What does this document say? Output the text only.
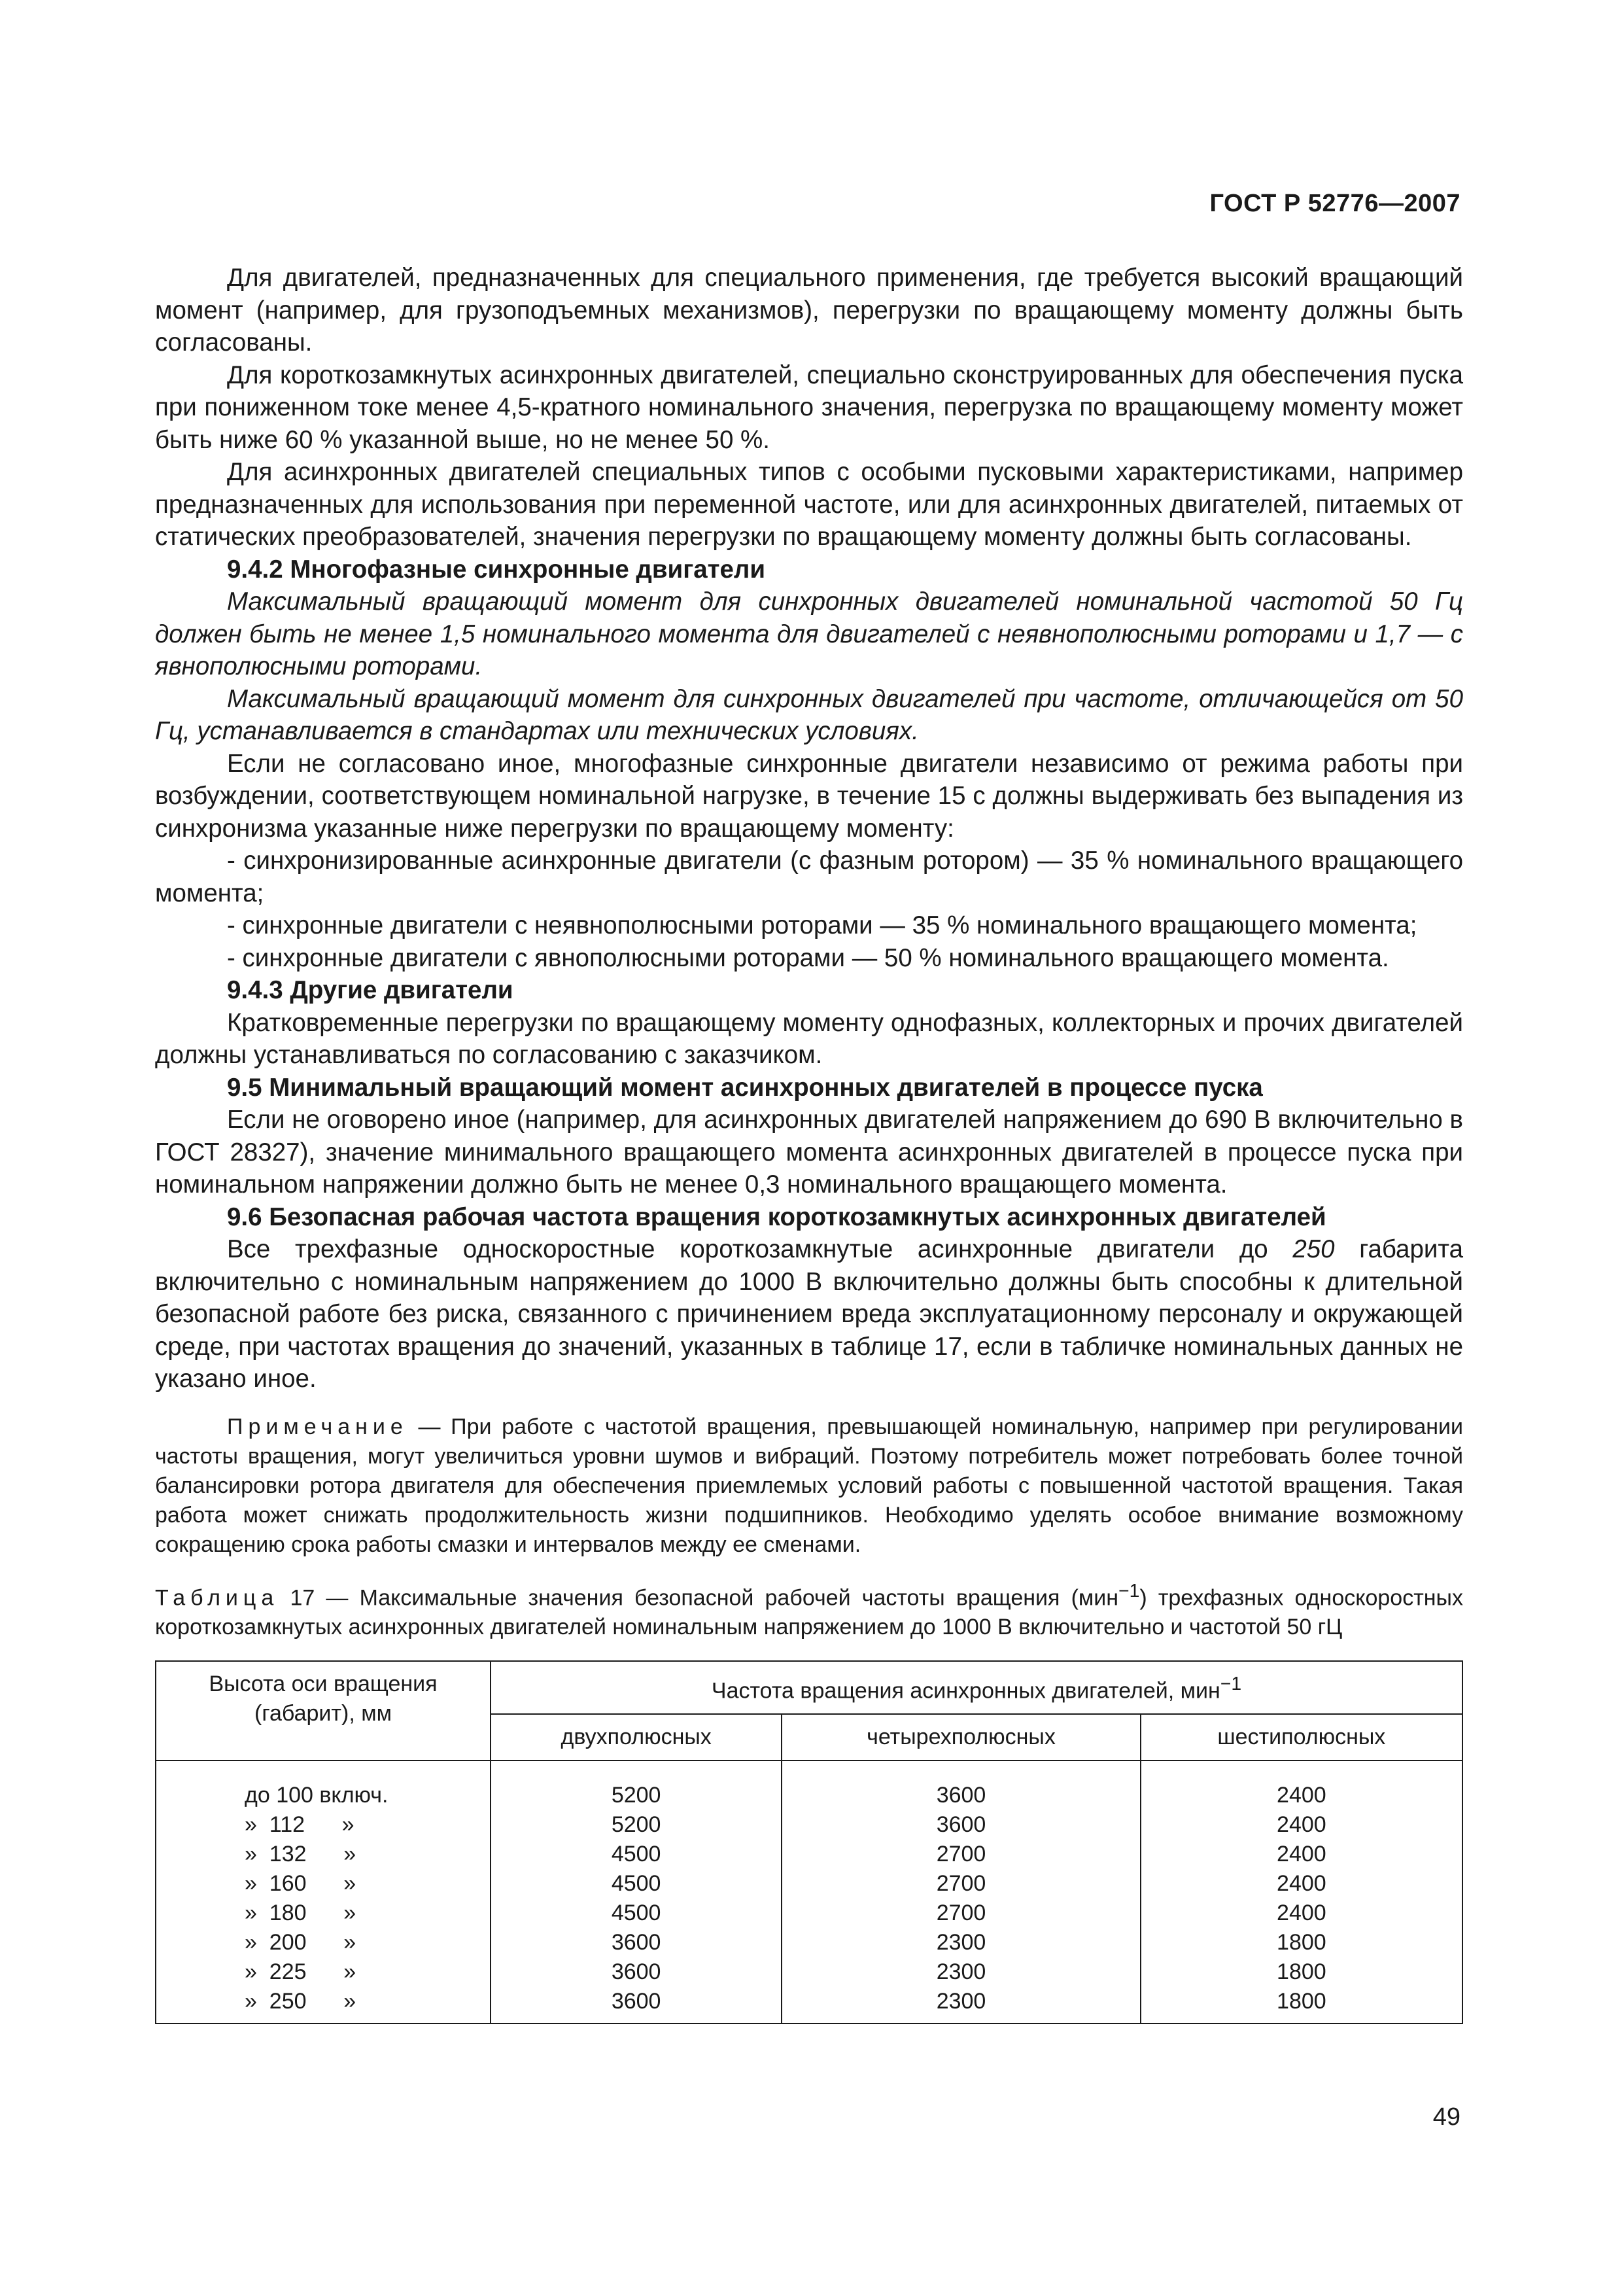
ГОСТ Р 52776—2007

Для двигателей, предназначенных для специального применения, где требуется высокий вращающий момент (например, для грузоподъемных механизмов), перегрузки по вращающему моменту должны быть согласованы.

Для короткозамкнутых асинхронных двигателей, специально сконструированных для обеспечения пуска при пониженном токе менее 4,5-кратного номинального значения, перегрузка по вращающему моменту может быть ниже 60 % указанной выше, но не менее 50 %.

Для асинхронных двигателей специальных типов с особыми пусковыми характеристиками, например предназначенных для использования при переменной частоте, или для асинхронных двигателей, питаемых от статических преобразователей, значения перегрузки по вращающему моменту должны быть согласованы.

9.4.2 Многофазные синхронные двигатели

Максимальный вращающий момент для синхронных двигателей номинальной частотой 50 Гц должен быть не менее 1,5 номинального момента для двигателей с неявнополюсными роторами и 1,7 — с явнополюсными роторами.

Максимальный вращающий момент для синхронных двигателей при частоте, отличающейся от 50 Гц, устанавливается в стандартах или технических условиях.

Если не согласовано иное, многофазные синхронные двигатели независимо от режима работы при возбуждении, соответствующем номинальной нагрузке, в течение 15 с должны выдерживать без выпадения из синхронизма указанные ниже перегрузки по вращающему моменту:

- синхронизированные асинхронные двигатели (с фазным ротором) — 35 % номинального вращающего момента;

- синхронные двигатели с неявнополюсными роторами — 35 % номинального вращающего момента;

- синхронные двигатели с явнополюсными роторами — 50 % номинального вращающего момента.

9.4.3 Другие двигатели

Кратковременные перегрузки по вращающему моменту однофазных, коллекторных и прочих двигателей должны устанавливаться по согласованию с заказчиком.

9.5 Минимальный вращающий момент асинхронных двигателей в процессе пуска

Если не оговорено иное (например, для асинхронных двигателей напряжением до 690 В включительно в ГОСТ 28327), значение минимального вращающего момента асинхронных двигателей в процессе пуска при номинальном напряжении должно быть не менее 0,3 номинального вращающего момента.

9.6 Безопасная рабочая частота вращения короткозамкнутых асинхронных двигателей

Все трехфазные односкоростные короткозамкнутые асинхронные двигатели до 250 габарита включительно с номинальным напряжением до 1000 В включительно должны быть способны к длительной безопасной работе без риска, связанного с причинением вреда эксплуатационному персоналу и окружающей среде, при частотах вращения до значений, указанных в таблице 17, если в табличке номинальных данных не указано иное.

Примечание — При работе с частотой вращения, превышающей номинальную, например при регулировании частоты вращения, могут увеличиться уровни шумов и вибраций. Поэтому потребитель может потребовать более точной балансировки ротора двигателя для обеспечения приемлемых условий работы с повышенной частотой вращения. Такая работа может снижать продолжительность жизни подшипников. Необходимо уделять особое внимание возможному сокращению срока работы смазки и интервалов между ее сменами.

Таблица 17 — Максимальные значения безопасной рабочей частоты вращения (мин$^{-1}$) трехфазных односкоростных короткозамкнутых асинхронных двигателей номинальным напряжением до 1000 В включительно и частотой 50 гЦ

Высота оси вращения (габарит), мм	Частота вращения асинхронных двигателей, мин$^{-1}$
	двухполюсных	четырехполюсных	шестиполюсных
до 100 включ.	5200	3600	2400
»  112      »	5200	3600	2400
»  132      »	4500	2700	2400
»  160      »	4500	2700	2400
»  180      »	4500	2700	2400
»  200      »	3600	2300	1800
»  225      »	3600	2300	1800
»  250      »	3600	2300	1800
49
